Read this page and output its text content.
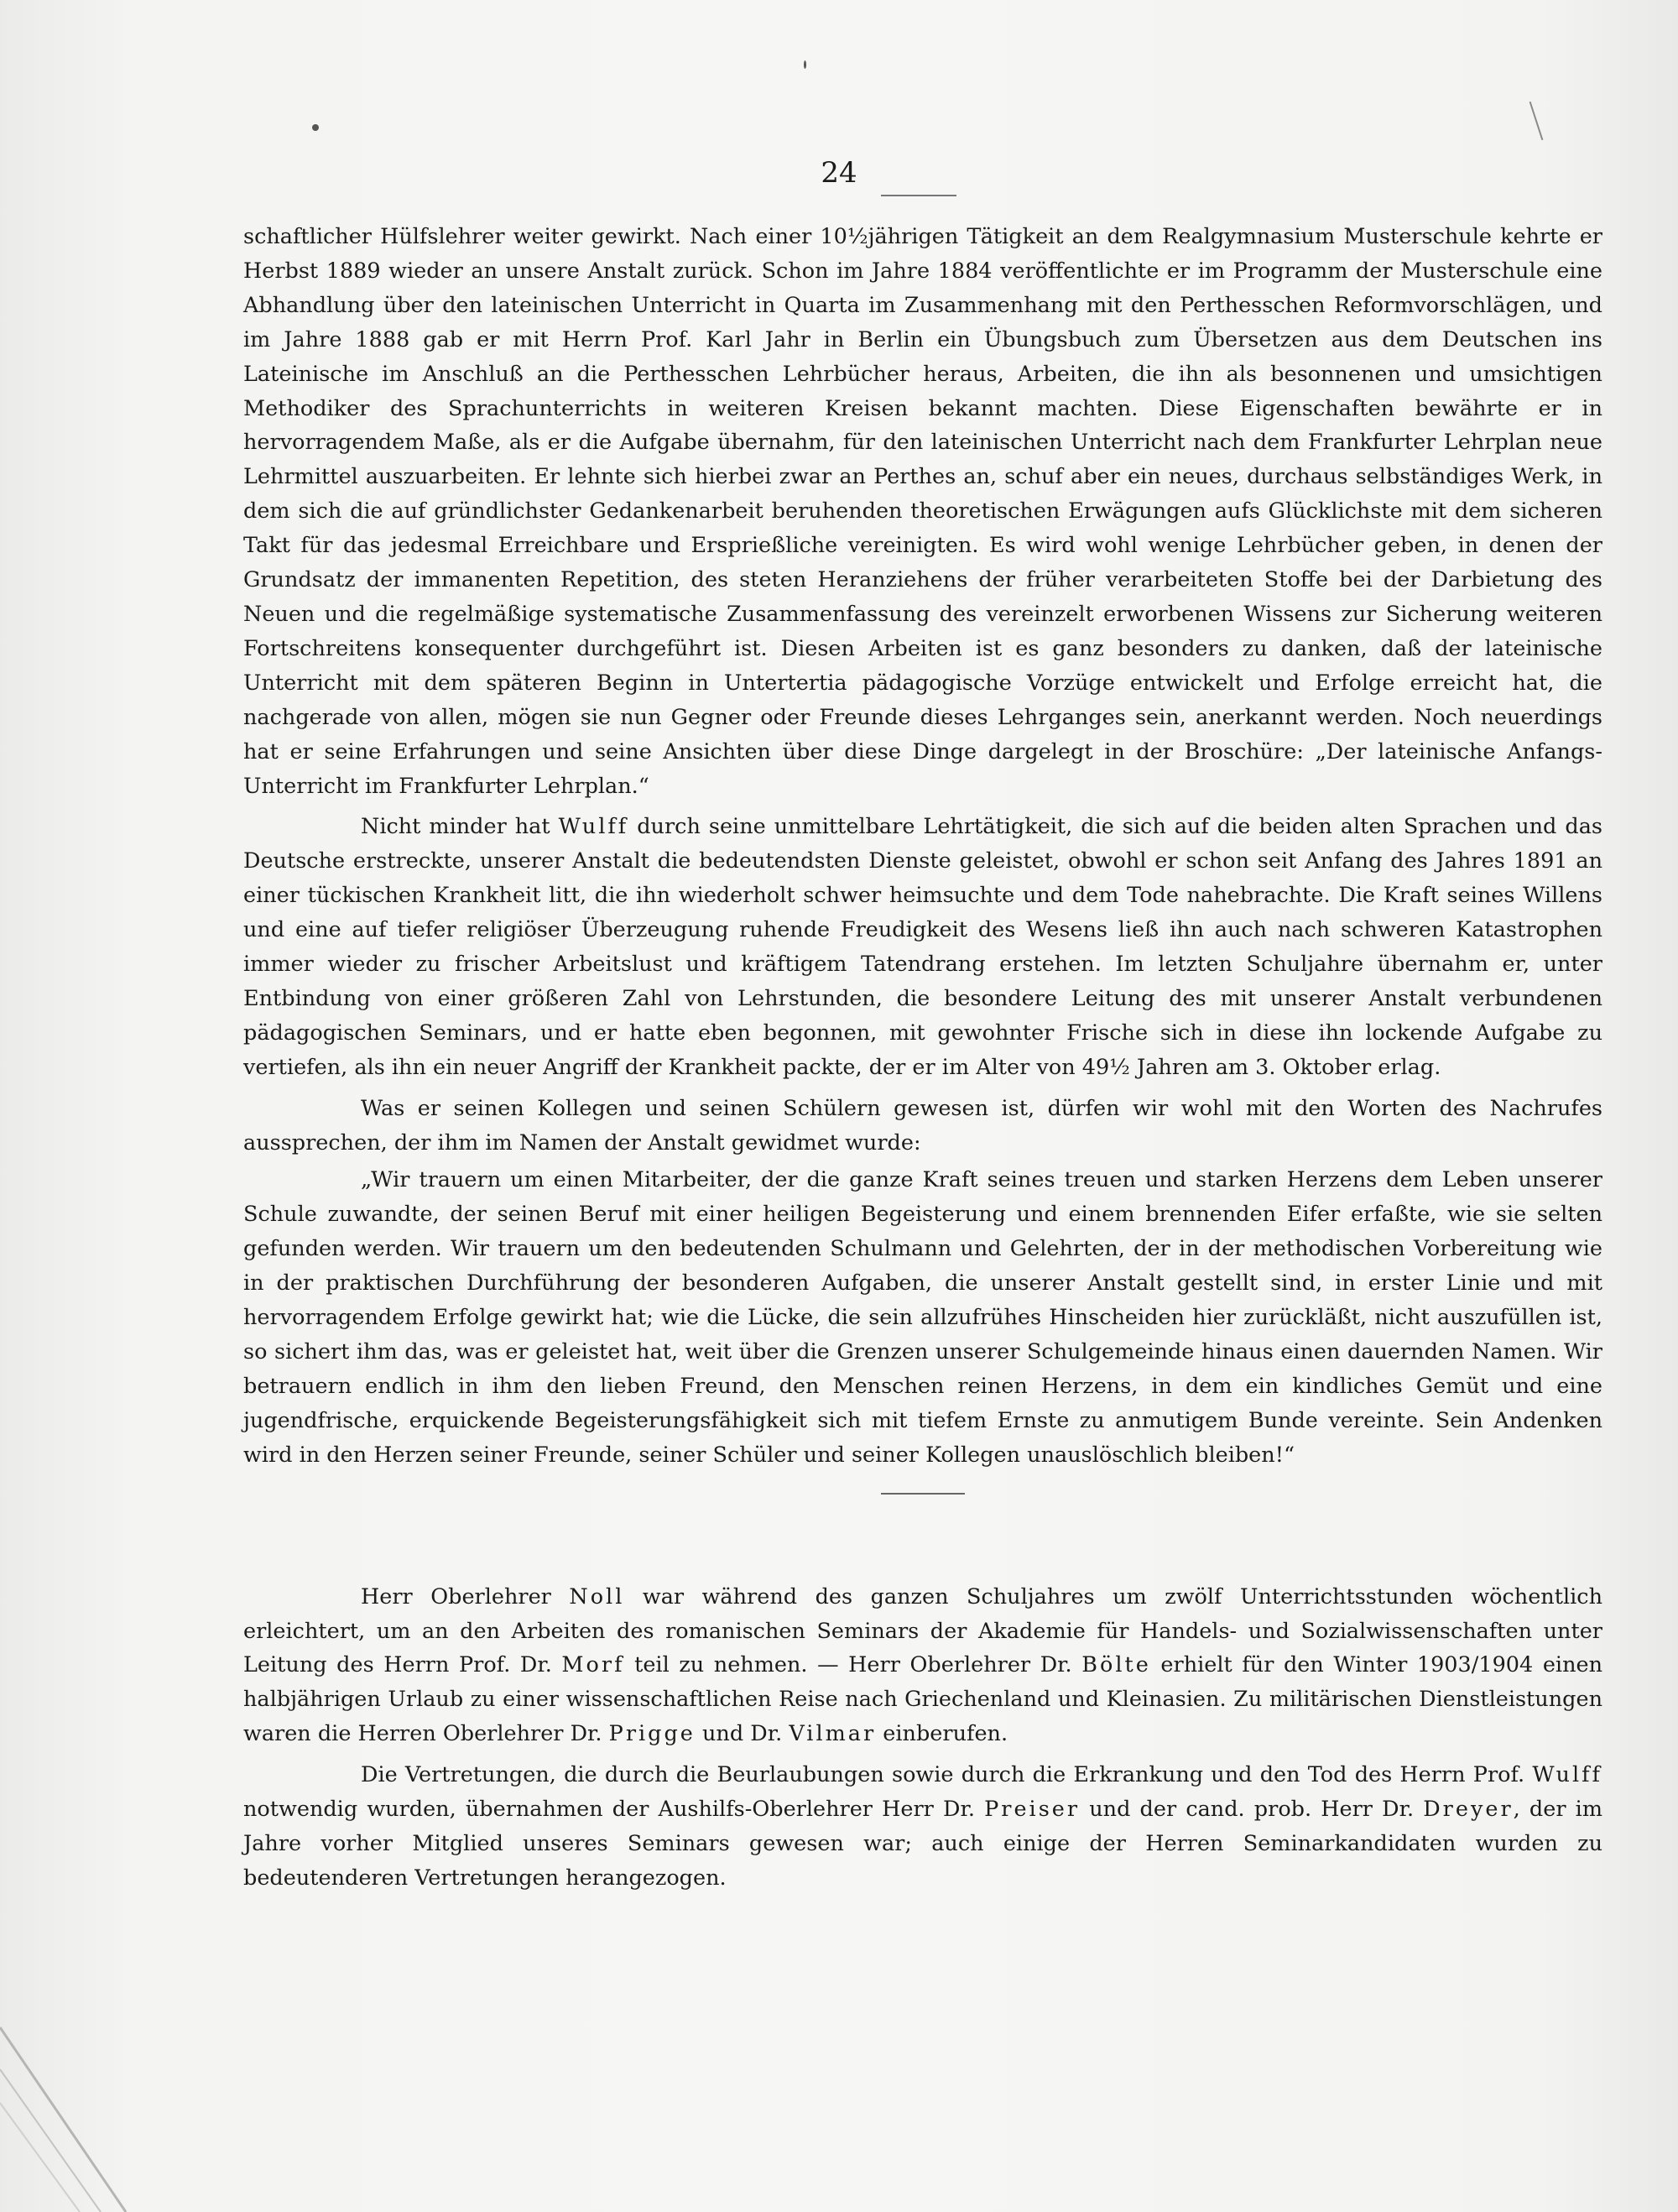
24

schaftlicher Hülfslehrer weiter gewirkt. Nach einer 10½jährigen Tätigkeit an dem Realgymnasium Musterschule kehrte er Herbst 1889 wieder an unsere Anstalt zurück. Schon im Jahre 1884 veröffentlichte er im Programm der Musterschule eine Abhandlung über den lateinischen Unterricht in Quarta im Zusammenhang mit den Perthesschen Reformvorschlägen, und im Jahre 1888 gab er mit Herrn Prof. Karl Jahr in Berlin ein Übungsbuch zum Übersetzen aus dem Deutschen ins Lateinische im Anschluß an die Perthesschen Lehrbücher heraus, Arbeiten, die ihn als besonnenen und umsichtigen Methodiker des Sprachunterrichts in weiteren Kreisen bekannt machten. Diese Eigenschaften bewährte er in hervorragendem Maße, als er die Aufgabe übernahm, für den lateinischen Unterricht nach dem Frankfurter Lehrplan neue Lehrmittel auszuarbeiten. Er lehnte sich hierbei zwar an Perthes an, schuf aber ein neues, durchaus selbständiges Werk, in dem sich die auf gründlichster Gedankenarbeit beruhenden theoretischen Erwägungen aufs Glücklichste mit dem sicheren Takt für das jedesmal Erreichbare und Ersprießliche vereinigten. Es wird wohl wenige Lehrbücher geben, in denen der Grundsatz der immanenten Repetition, des steten Heranziehens der früher verarbeiteten Stoffe bei der Darbietung des Neuen und die regelmäßige systematische Zusammenfassung des vereinzelt erworbenen Wissens zur Sicherung weiteren Fortschreitens konsequenter durchgeführt ist. Diesen Arbeiten ist es ganz besonders zu danken, daß der lateinische Unterricht mit dem späteren Beginn in Untertertia pädagogische Vorzüge entwickelt und Erfolge erreicht hat, die nachgerade von allen, mögen sie nun Gegner oder Freunde dieses Lehrganges sein, anerkannt werden. Noch neuerdings hat er seine Erfahrungen und seine Ansichten über diese Dinge dargelegt in der Broschüre: „Der lateinische Anfangs-Unterricht im Frankfurter Lehrplan.“

Nicht minder hat Wulff durch seine unmittelbare Lehrtätigkeit, die sich auf die beiden alten Sprachen und das Deutsche erstreckte, unserer Anstalt die bedeutendsten Dienste geleistet, obwohl er schon seit Anfang des Jahres 1891 an einer tückischen Krankheit litt, die ihn wiederholt schwer heimsuchte und dem Tode nahebrachte. Die Kraft seines Willens und eine auf tiefer religiöser Überzeugung ruhende Freudigkeit des Wesens ließ ihn auch nach schweren Katastrophen immer wieder zu frischer Arbeitslust und kräftigem Tatendrang erstehen. Im letzten Schuljahre übernahm er, unter Entbindung von einer größeren Zahl von Lehrstunden, die besondere Leitung des mit unserer Anstalt verbundenen pädagogischen Seminars, und er hatte eben begonnen, mit gewohnter Frische sich in diese ihn lockende Aufgabe zu vertiefen, als ihn ein neuer Angriff der Krankheit packte, der er im Alter von 49½ Jahren am 3. Oktober erlag.

Was er seinen Kollegen und seinen Schülern gewesen ist, dürfen wir wohl mit den Worten des Nachrufes aussprechen, der ihm im Namen der Anstalt gewidmet wurde:

„Wir trauern um einen Mitarbeiter, der die ganze Kraft seines treuen und starken Herzens dem Leben unserer Schule zuwandte, der seinen Beruf mit einer heiligen Begeisterung und einem brennenden Eifer erfaßte, wie sie selten gefunden werden. Wir trauern um den bedeutenden Schulmann und Gelehrten, der in der methodischen Vorbereitung wie in der praktischen Durchführung der besonderen Aufgaben, die unserer Anstalt gestellt sind, in erster Linie und mit hervorragendem Erfolge gewirkt hat; wie die Lücke, die sein allzufrühes Hinscheiden hier zurückläßt, nicht auszufüllen ist, so sichert ihm das, was er geleistet hat, weit über die Grenzen unserer Schulgemeinde hinaus einen dauernden Namen. Wir betrauern endlich in ihm den lieben Freund, den Menschen reinen Herzens, in dem ein kindliches Gemüt und eine jugendfrische, erquickende Begeisterungsfähigkeit sich mit tiefem Ernste zu anmutigem Bunde vereinte. Sein Andenken wird in den Herzen seiner Freunde, seiner Schüler und seiner Kollegen unauslöschlich bleiben!“

Herr Oberlehrer Noll war während des ganzen Schuljahres um zwölf Unterrichtsstunden wöchentlich erleichtert, um an den Arbeiten des romanischen Seminars der Akademie für Handels- und Sozialwissenschaften unter Leitung des Herrn Prof. Dr. Morf teil zu nehmen. — Herr Oberlehrer Dr. Bölte erhielt für den Winter 1903/1904 einen halbjährigen Urlaub zu einer wissenschaftlichen Reise nach Griechenland und Kleinasien. Zu militärischen Dienstleistungen waren die Herren Oberlehrer Dr. Prigge und Dr. Vilmar einberufen.

Die Vertretungen, die durch die Beurlaubungen sowie durch die Erkrankung und den Tod des Herrn Prof. Wulff notwendig wurden, übernahmen der Aushilfs-Oberlehrer Herr Dr. Preiser und der cand. prob. Herr Dr. Dreyer, der im Jahre vorher Mitglied unseres Seminars gewesen war; auch einige der Herren Seminarkandidaten wurden zu bedeutenderen Vertretungen herangezogen.
